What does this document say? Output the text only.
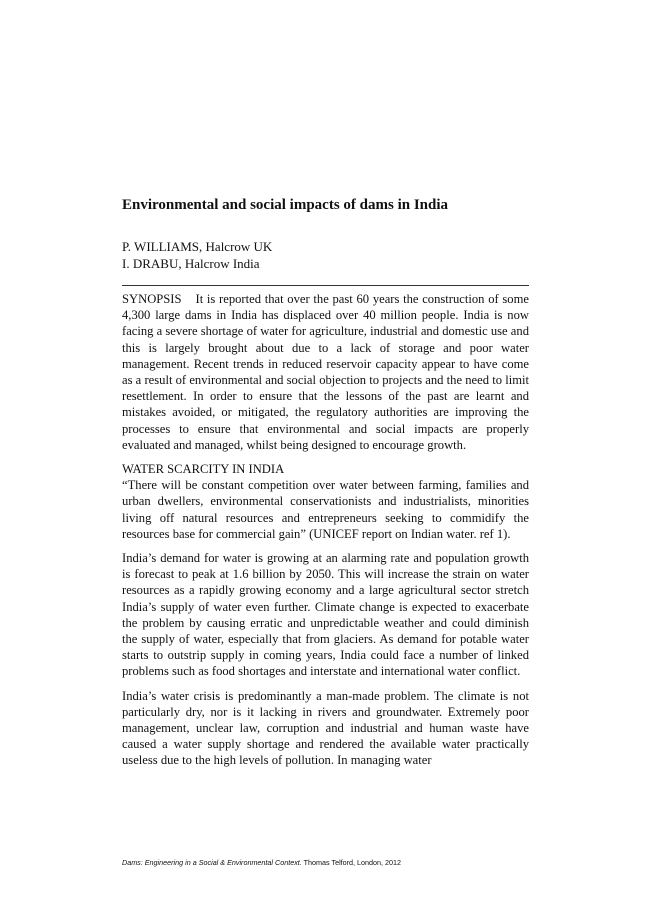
Environmental and social impacts of dams in India
P. WILLIAMS, Halcrow UK
I. DRABU, Halcrow India

SYNOPSIS It is reported that over the past 60 years the construction of some 4,300 large dams in India has displaced over 40 million people. India is now facing a severe shortage of water for agriculture, industrial and domestic use and this is largely brought about due to a lack of storage and poor water management. Recent trends in reduced reservoir capacity appear to have come as a result of environmental and social objection to projects and the need to limit resettlement. In order to ensure that the lessons of the past are learnt and mistakes avoided, or mitigated, the regulatory authorities are improving the processes to ensure that environmental and social impacts are properly evaluated and managed, whilst being designed to encourage growth.

WATER SCARCITY IN INDIA

“There will be constant competition over water between farming, families and urban dwellers, environmental conservationists and industrialists, minorities living off natural resources and entrepreneurs seeking to commidify the resources base for commercial gain” (UNICEF report on Indian water. ref 1).

India’s demand for water is growing at an alarming rate and population growth is forecast to peak at 1.6 billion by 2050. This will increase the strain on water resources as a rapidly growing economy and a large agricultural sector stretch India’s supply of water even further. Climate change is expected to exacerbate the problem by causing erratic and unpredictable weather and could diminish the supply of water, especially that from glaciers. As demand for potable water starts to outstrip supply in coming years, India could face a number of linked problems such as food shortages and interstate and international water conflict.

India’s water crisis is predominantly a man-made problem. The climate is not particularly dry, nor is it lacking in rivers and groundwater. Extremely poor management, unclear law, corruption and industrial and human waste have caused a water supply shortage and rendered the available water practically useless due to the high levels of pollution. In managing water

Dams: Engineering in a Social & Environmental Context. Thomas Telford, London, 2012
